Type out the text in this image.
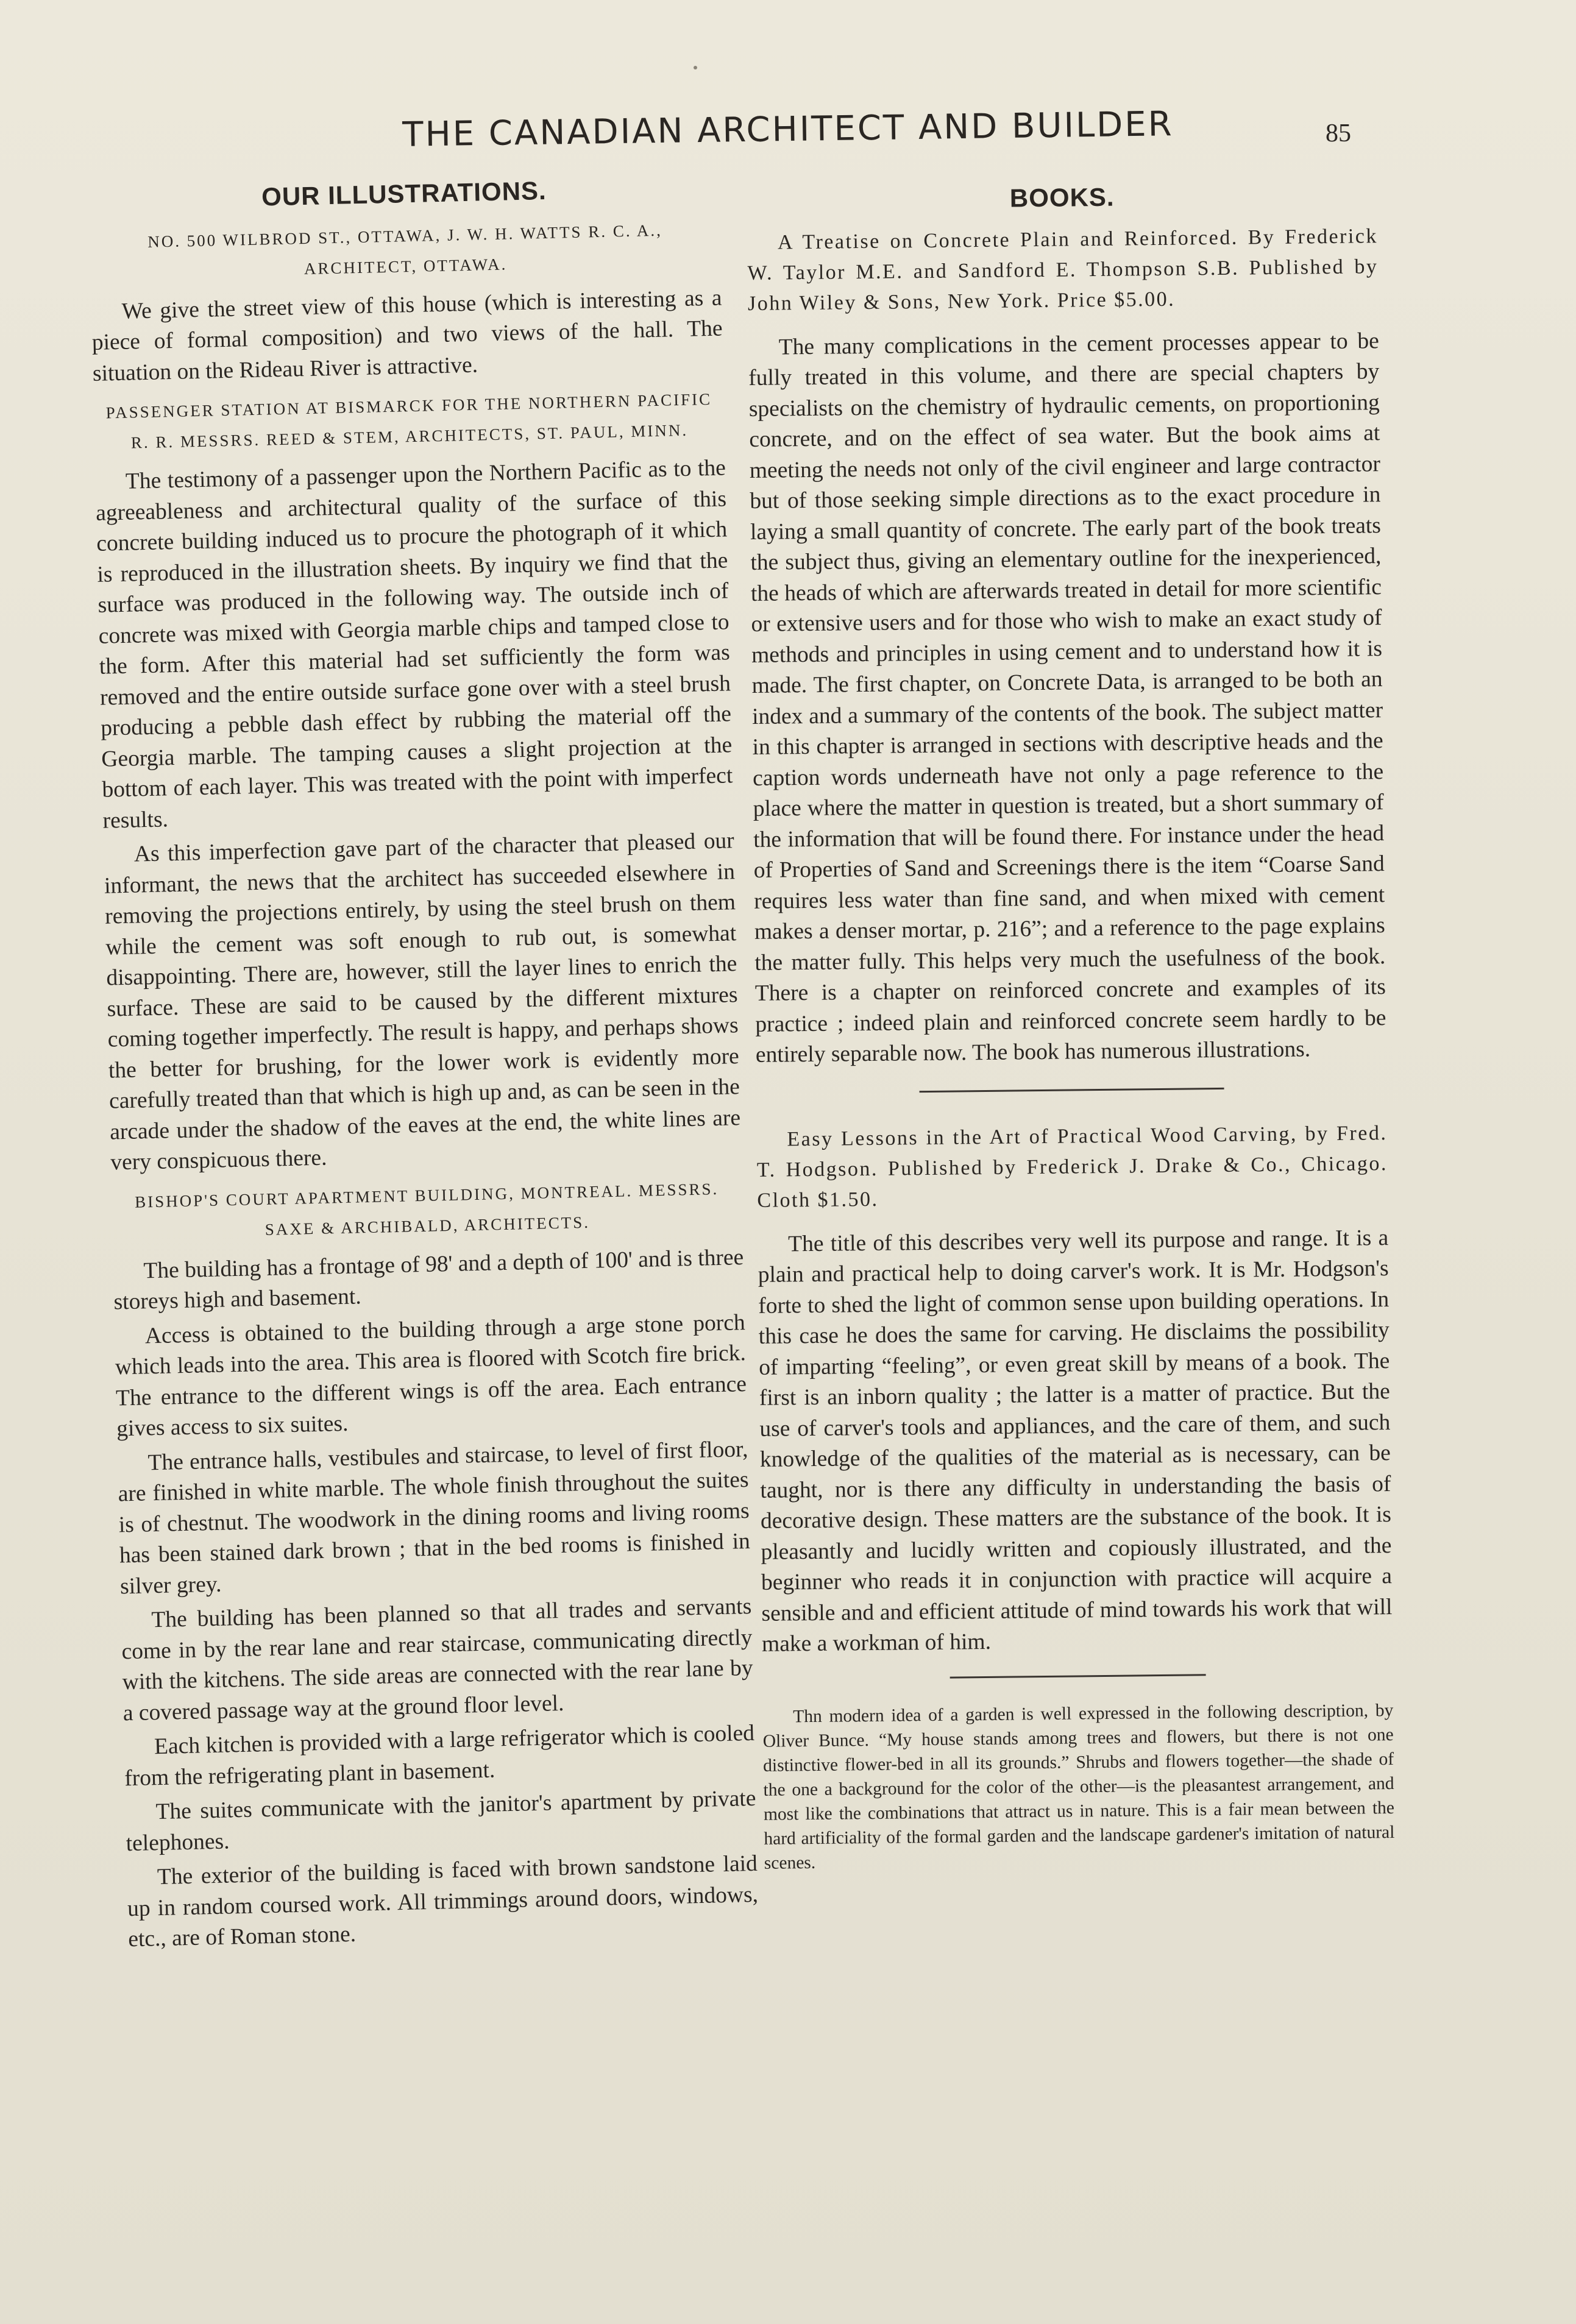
THE CANADIAN ARCHITECT AND BUILDER	85
OUR ILLUSTRATIONS.
NO. 500 WILBROD ST., OTTAWA, J. W. H. WATTS R. C. A., ARCHITECT, OTTAWA.

We give the street view of this house (which is interesting as a piece of formal composition) and two views of the hall. The situation on the Rideau River is attractive.

PASSENGER STATION AT BISMARCK FOR THE NORTHERN PACIFIC R. R. MESSRS. REED & STEM, ARCHITECTS, ST. PAUL, MINN.

The testimony of a passenger upon the Northern Pacific as to the agreeableness and architectural quality of the surface of this concrete building induced us to procure the photograph of it which is reproduced in the illustration sheets. By inquiry we find that the surface was produced in the following way. The outside inch of concrete was mixed with Georgia marble chips and tamped close to the form. After this material had set sufficiently the form was removed and the entire outside surface gone over with a steel brush producing a pebble dash effect by rubbing the material off the Georgia marble. The tamping causes a slight projection at the bottom of each layer. This was treated with the point with imperfect results.

As this imperfection gave part of the character that pleased our informant, the news that the architect has succeeded elsewhere in removing the projections entirely, by using the steel brush on them while the cement was soft enough to rub out, is somewhat disappointing. There are, however, still the layer lines to enrich the surface. These are said to be caused by the different mixtures coming together imperfectly. The result is happy, and perhaps shows the better for brushing, for the lower work is evidently more carefully treated than that which is high up and, as can be seen in the arcade under the shadow of the eaves at the end, the white lines are very conspicuous there.

BISHOP'S COURT APARTMENT BUILDING, MONTREAL. MESSRS. SAXE & ARCHIBALD, ARCHITECTS.

The building has a frontage of 98' and a depth of 100' and is three storeys high and basement.

Access is obtained to the building through a arge stone porch which leads into the area. This area is floored with Scotch fire brick. The entrance to the different wings is off the area. Each entrance gives access to six suites.

The entrance halls, vestibules and staircase, to level of first floor, are finished in white marble. The whole finish throughout the suites is of chestnut. The woodwork in the dining rooms and living rooms has been stained dark brown ; that in the bed rooms is finished in silver grey.

The building has been planned so that all trades and servants come in by the rear lane and rear staircase, communicating directly with the kitchens. The side areas are connected with the rear lane by a covered passage way at the ground floor level.

Each kitchen is provided with a large refrigerator which is cooled from the refrigerating plant in basement.

The suites communicate with the janitor's apartment by private telephones.

The exterior of the building is faced with brown sandstone laid up in random coursed work. All trimmings around doors, windows, etc., are of Roman stone.

BOOKS.
A Treatise on Concrete Plain and Reinforced. By Frederick W. Taylor M.E. and Sandford E. Thompson S.B. Published by John Wiley & Sons, New York. Price $5.00.

The many complications in the cement processes appear to be fully treated in this volume, and there are special chapters by specialists on the chemistry of hydraulic cements, on proportioning concrete, and on the effect of sea water. But the book aims at meeting the needs not only of the civil engineer and large contractor but of those seeking simple directions as to the exact procedure in laying a small quantity of concrete. The early part of the book treats the subject thus, giving an elementary outline for the inexperienced, the heads of which are afterwards treated in detail for more scientific or extensive users and for those who wish to make an exact study of methods and principles in using cement and to understand how it is made. The first chapter, on Concrete Data, is arranged to be both an index and a summary of the contents of the book. The subject matter in this chapter is arranged in sections with descriptive heads and the caption words underneath have not only a page reference to the place where the matter in question is treated, but a short summary of the information that will be found there. For instance under the head of Properties of Sand and Screenings there is the item “Coarse Sand requires less water than fine sand, and when mixed with cement makes a denser mortar, p. 216”; and a reference to the page explains the matter fully. This helps very much the usefulness of the book. There is a chapter on reinforced concrete and examples of its practice ; indeed plain and reinforced concrete seem hardly to be entirely separable now. The book has numerous illustrations.

Easy Lessons in the Art of Practical Wood Carving, by Fred. T. Hodgson. Published by Frederick J. Drake & Co., Chicago. Cloth $1.50.

The title of this describes very well its purpose and range. It is a plain and practical help to doing carver's work. It is Mr. Hodgson's forte to shed the light of common sense upon building operations. In this case he does the same for carving. He disclaims the possibility of imparting “feeling”, or even great skill by means of a book. The first is an inborn quality ; the latter is a matter of practice. But the use of carver's tools and appliances, and the care of them, and such knowledge of the qualities of the material as is necessary, can be taught, nor is there any difficulty in understanding the basis of decorative design. These matters are the substance of the book. It is pleasantly and lucidly written and copiously illustrated, and the beginner who reads it in conjunction with practice will acquire a sensible and and efficient attitude of mind towards his work that will make a workman of him.

Thn modern idea of a garden is well expressed in the following description, by Oliver Bunce. “My house stands among trees and flowers, but there is not one distinctive flower-bed in all its grounds.” Shrubs and flowers together—the shade of the one a background for the color of the other—is the pleasantest arrangement, and most like the combinations that attract us in nature. This is a fair mean between the hard artificiality of the formal garden and the landscape gardener's imitation of natural scenes.
